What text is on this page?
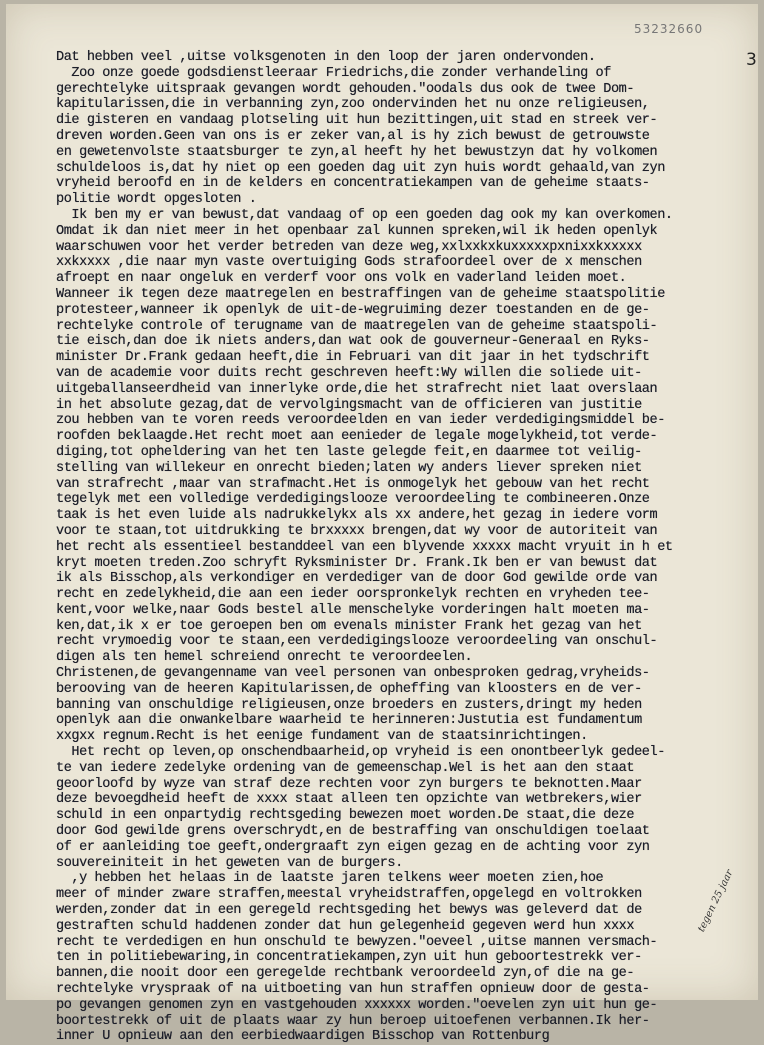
53232660
3
Dat hebben veel ,uitse volksgenoten in den loop der jaren ondervonden.
Zoo onze goede godsdienstleeraar Friedrichs,die zonder verhandeling of
gerechtelyke uitspraak gevangen wordt gehouden."oodals dus ook de twee Dom-
kapitularissen,die in verbanning zyn,zoo ondervinden het nu onze religieusen,
die gisteren en vandaag plotseling uit hun bezittingen,uit stad en streek ver-
dreven worden.Geen van ons is er zeker van,al is hy zich bewust de getrouwste
en gewetenvolste staatsburger te zyn,al heeft hy het bewustzyn dat hy volkomen
schuldeloos is,dat hy niet op een goeden dag uit zyn huis wordt gehaald,van zyn
vryheid beroofd en in de kelders en concentratiekampen van de geheime staats-
politie wordt opgesloten .
Ik ben my er van bewust,dat vandaag of op een goeden dag ook my kan overkomen.
Omdat ik dan niet meer in het openbaar zal kunnen spreken,wil ik heden openlyk
waarschuwen voor het verder betreden van deze weg,xxlxxkxkuxxxxxpxnixxkxxxxx
xxkxxxx ,die naar myn vaste overtuiging Gods strafoordeel over de x menschen
afroept en naar ongeluk en verderf voor ons volk en vaderland leiden moet.
Wanneer ik tegen deze maatregelen en bestraffingen van de geheime staatspolitie
protesteer,wanneer ik openlyk de uit-de-wegruiming dezer toestanden en de ge-
rechtelyke controle of terugname van de maatregelen van de geheime staatspoli-
tie eisch,dan doe ik niets anders,dan wat ook de gouverneur-Generaal en Ryks-
minister Dr.Frank gedaan heeft,die in Februari van dit jaar in het tydschrift
van de academie voor duits recht geschreven heeft:Wy willen die soliede uit-
uitgeballanseerdheid van innerlyke orde,die het strafrecht niet laat overslaan
in het absolute gezag,dat de vervolgingsmacht van de officieren van justitie
zou hebben van te voren reeds veroordeelden en van ieder verdedigingsmiddel be-
roofden beklaagde.Het recht moet aan eenieder de legale mogelykheid,tot verde-
diging,tot opheldering van het ten laste gelegde feit,en daarmee tot veilig-
stelling van willekeur en onrecht bieden;laten wy anders liever spreken niet
van strafrecht ,maar van strafmacht.Het is onmogelyk het gebouw van het recht
tegelyk met een volledige verdedigingslooze veroordeeling te combineeren.Onze
taak is het even luide als nadrukkelykx als xx andere,het gezag in iedere vorm
voor te staan,tot uitdrukking te brxxxxx brengen,dat wy voor de autoriteit van
het recht als essentieel bestanddeel van een blyvende xxxxx macht vryuit in h et
kryt moeten treden.Zoo schryft Ryksminister Dr. Frank.Ik ben er van bewust dat
ik als Bisschop,als verkondiger en verdediger van de door God gewilde orde van
recht en zedelykheid,die aan een ieder oorspronkelyk rechten en vryheden tee-
kent,voor welke,naar Gods bestel alle menschelyke vorderingen halt moeten ma-
ken,dat,ik x er toe geroepen ben om evenals minister Frank het gezag van het
recht vrymoedig voor te staan,een verdedigingslooze veroordeeling van onschul-
digen als ten hemel schreiend onrecht te veroordeelen.
Christenen,de gevangenname van veel personen van onbesproken gedrag,vryheids-
berooving van de heeren Kapitularissen,de opheffing van kloosters en de ver-
banning van onschuldige religieusen,onze broeders en zusters,dringt my heden
openlyk aan die onwankelbare waarheid te herinneren:Justutia est fundamentum
xxgxx regnum.Recht is het eenige fundament van de staatsinrichtingen.
Het recht op leven,op onschendbaarheid,op vryheid is een onontbeerlyk gedeel-
te van iedere zedelyke ordening van de gemeenschap.Wel is het aan den staat
geoorloofd by wyze van straf deze rechten voor zyn burgers te beknotten.Maar
deze bevoegdheid heeft de xxxx staat alleen ten opzichte van wetbrekers,wier
schuld in een onpartydig rechtsgeding bewezen moet worden.De staat,die deze
door God gewilde grens overschrydt,en de bestraffing van onschuldigen toelaat
of er aanleiding toe geeft,ondergraaft zyn eigen gezag en de achting voor zyn
souvereiniteit in het geweten van de burgers.
,y hebben het helaas in de laatste jaren telkens weer moeten zien,hoe
meer of minder zware straffen,meestal vryheidstraffen,opgelegd en voltrokken
werden,zonder dat in een geregeld rechtsgeding het bewys was geleverd dat de
gestraften schuld haddenen zonder dat hun gelegenheid gegeven werd hun xxxx
recht te verdedigen en hun onschuld te bewyzen."oeveel ,uitse mannen versmach-
ten in politiebewaring,in concentratiekampen,zyn uit hun geboortestrekk ver-
bannen,die nooit door een geregelde rechtbank veroordeeld zyn,of die na ge-
rechtelyke vryspraak of na uitboeting van hun straffen opnieuw door de gesta-
po gevangen genomen zyn en vastgehouden xxxxxx worden."oevelen zyn uit hun ge-
boortestrekk of uit de plaats waar zy hun beroep uitoefenen verbannen.Ik her-
inner U opnieuw aan den eerbiedwaardigen Bisschop van Rottenburg
tegen 25 jaar
